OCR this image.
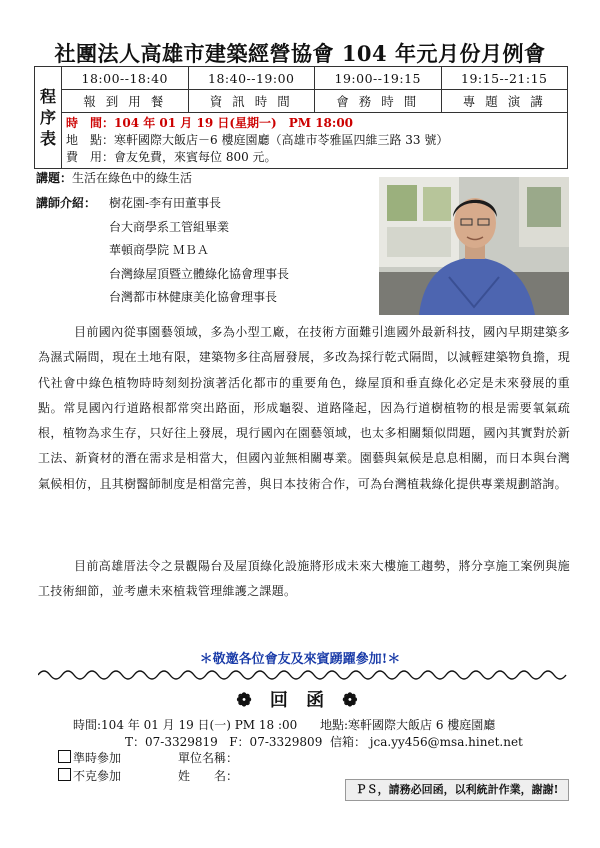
社團法人高雄市建築經營協會 104 年元月份月例會
程
序
表	18:00--18:40	18:40--19:00	19:00--19:15	19:15--21:15
	報 到 用 餐	資 訊 時 間	會 務 時 間	專 題 演 講

	時　間：104 年 01 月 19 日(星期一)　PM 18:00
地　點：寒軒國際大飯店－6 樓庭園廳（高雄市苓雅區四維三路 33 號）
費　用：會友免費，來賓每位 800 元。			
講題：生活在綠色中的綠生活
講師介紹：	樹花園-李有田董事長
台大商學系工管組畢業
華頓商學院 ＭＢＡ
台灣綠屋頂暨立體綠化協會理事長
台灣都市林健康美化協會理事長
目前國內從事園藝領域，多為小型工廠，在技術方面難引進國外最新科技，國內早期建築多為濕式隔間，現在土地有限，建築物多往高層發展，多改為採行乾式隔間，以減輕建築物負擔，現代社會中綠色植物時時刻刻扮演著活化都市的重要角色，綠屋頂和垂直綠化必定是未來發展的重點。常見國內行道路根都常突出路面，形成龜裂、道路隆起，因為行道樹植物的根是需要氧氣疏根，植物為求生存，只好往上發展，現行國內在園藝領域，也太多相關類似問題，國內其實對於新工法、新資材的潛在需求是相當大，但國內並無相關專業。園藝與氣候是息息相關，而日本與台灣氣候相仿，且其樹醫師制度是相當完善，與日本技術合作，可為台灣植栽綠化提供專業規劃諮詢。
目前高雄厝法令之景觀陽台及屋頂綠化設施將形成未來大樓施工趨勢，將分享施工案例與施工技術細節，並考慮未來植栽管理維護之課題。
＊敬邀各位會友及來賓踴躍參加!＊
❁ 回 函 ❁
時間:104 年 01 月 19 日(一) PM 18 :00 地點:寒軒國際大飯店 6 樓庭園廳
T：07-3329819 F：07-3329809 信箱： jca.yy456@msa.hinet.net
準時參加	單位名稱：
不克參加	姓　　名：
ＰＳ，請務必回函，以利統計作業，謝謝!
